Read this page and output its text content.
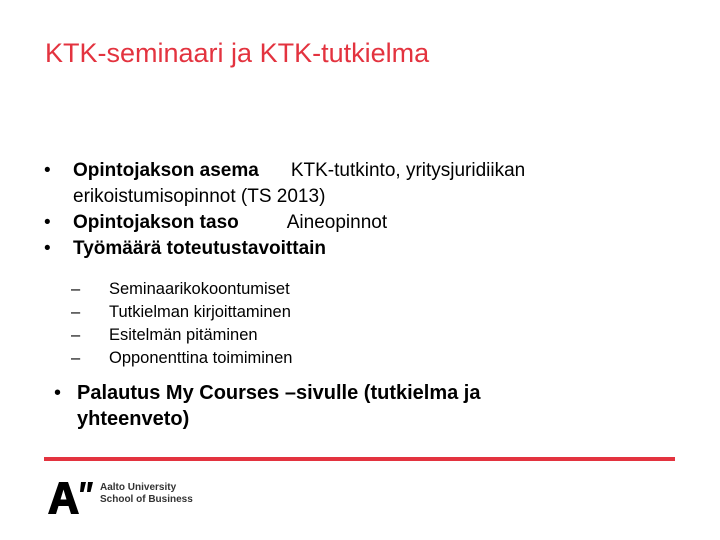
KTK-seminaari ja KTK-tutkielma
• Opintojakson asema KTK-tutkinto, yritysjuridiikan
erikoistumisopinnot (TS 2013)
• Opintojakson taso	Aineopinnot
• Työmäärä toteutustavoittain
– Seminaarikokoontumiset
– Tutkielman kirjoittaminen
– Esitelmän pitäminen
– Opponenttina toimiminen
• Palautus My Courses –sivulle (tutkielma ja
yhteenveto)
Aalto University
School of Business
